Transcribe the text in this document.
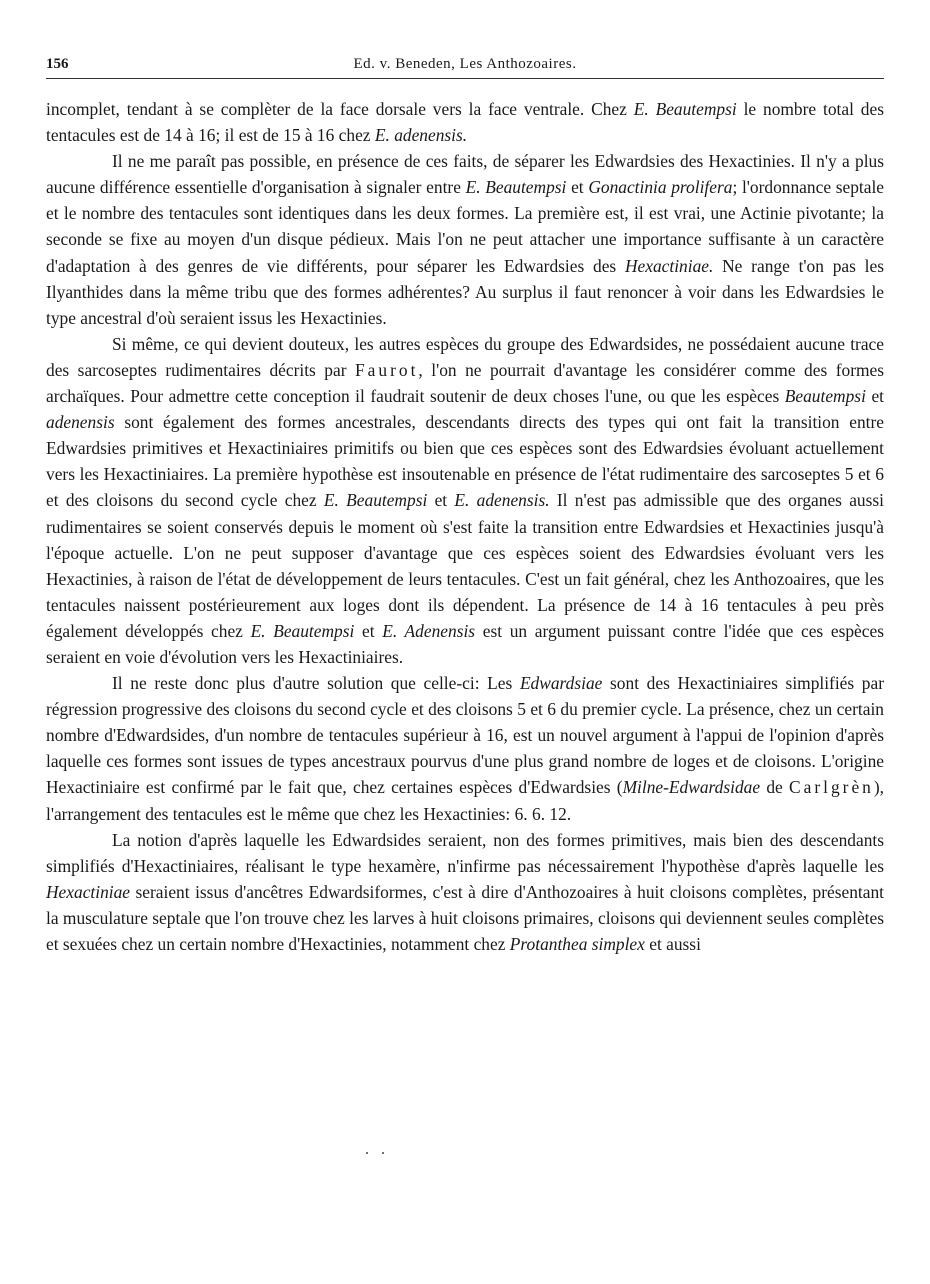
156	Ed. v. Beneden, Les Anthozoaires.

incomplet, tendant à se complèter de la face dorsale vers la face ventrale. Chez E. Beautempsi le nombre total des tentacules est de 14 à 16; il est de 15 à 16 chez E. adenensis.

Il ne me paraît pas possible, en présence de ces faits, de séparer les Edwardsies des Hexactinies. Il n'y a plus aucune différence essentielle d'organisation à signaler entre E. Beautempsi et Gonactinia prolifera; l'ordonnance septale et le nombre des tentacules sont identiques dans les deux formes. La première est, il est vrai, une Actinie pivotante; la seconde se fixe au moyen d'un disque pédieux. Mais l'on ne peut attacher une importance suffisante à un caractère d'adaptation à des genres de vie différents, pour séparer les Edwardsies des Hexactiniae. Ne range t'on pas les Ilyanthides dans la même tribu que des formes adhérentes? Au surplus il faut renoncer à voir dans les Edwardsies le type ancestral d'où seraient issus les Hexactinies.

Si même, ce qui devient douteux, les autres espèces du groupe des Edwardsides, ne possédaient aucune trace des sarcoseptes rudimentaires décrits par Faurot, l'on ne pourrait d'avantage les considérer comme des formes archaïques. Pour admettre cette conception il faudrait soutenir de deux choses l'une, ou que les espèces Beautempsi et adenensis sont également des formes ancestrales, descendants directs des types qui ont fait la transition entre Edwardsies primitives et Hexactiniaires primitifs ou bien que ces espèces sont des Edwardsies évoluant actuellement vers les Hexactiniaires. La première hypothèse est insoutenable en présence de l'état rudimentaire des sarcoseptes 5 et 6 et des cloisons du second cycle chez E. Beautempsi et E. adenensis. Il n'est pas admissible que des organes aussi rudimentaires se soient conservés depuis le moment où s'est faite la transition entre Edwardsies et Hexactinies jusqu'à l'époque actuelle. L'on ne peut supposer d'avantage que ces espèces soient des Edwardsies évoluant vers les Hexactinies, à raison de l'état de développement de leurs tentacules. C'est un fait général, chez les Anthozoaires, que les tentacules naissent postérieurement aux loges dont ils dépendent. La présence de 14 à 16 tentacules à peu près également développés chez E. Beautempsi et E. Adenensis est un argument puissant contre l'idée que ces espèces seraient en voie d'évolution vers les Hexactiniaires.

Il ne reste donc plus d'autre solution que celle-ci: Les Edwardsiae sont des Hexactiniaires simplifiés par régression progressive des cloisons du second cycle et des cloisons 5 et 6 du premier cycle. La présence, chez un certain nombre d'Edwardsides, d'un nombre de tentacules supérieur à 16, est un nouvel argument à l'appui de l'opinion d'après laquelle ces formes sont issues de types ancestraux pourvus d'une plus grand nombre de loges et de cloisons. L'origine Hexactiniaire est confirmé par le fait que, chez certaines espèces d'Edwardsies (Milne-Edwardsidae de Carlgrèn), l'arrangement des tentacules est le même que chez les Hexactinies: 6. 6. 12.

La notion d'après laquelle les Edwardsides seraient, non des formes primitives, mais bien des descendants simplifiés d'Hexactiniaires, réalisant le type hexamère, n'infirme pas nécessairement l'hypothèse d'après laquelle les Hexactiniae seraient issus d'ancêtres Edwardsiformes, c'est à dire d'Anthozoaires à huit cloisons complètes, présentant la musculature septale que l'on trouve chez les larves à huit cloisons primaires, cloisons qui deviennent seules complètes et sexuées chez un certain nombre d'Hexactinies, notamment chez Protanthea simplex et aussi
